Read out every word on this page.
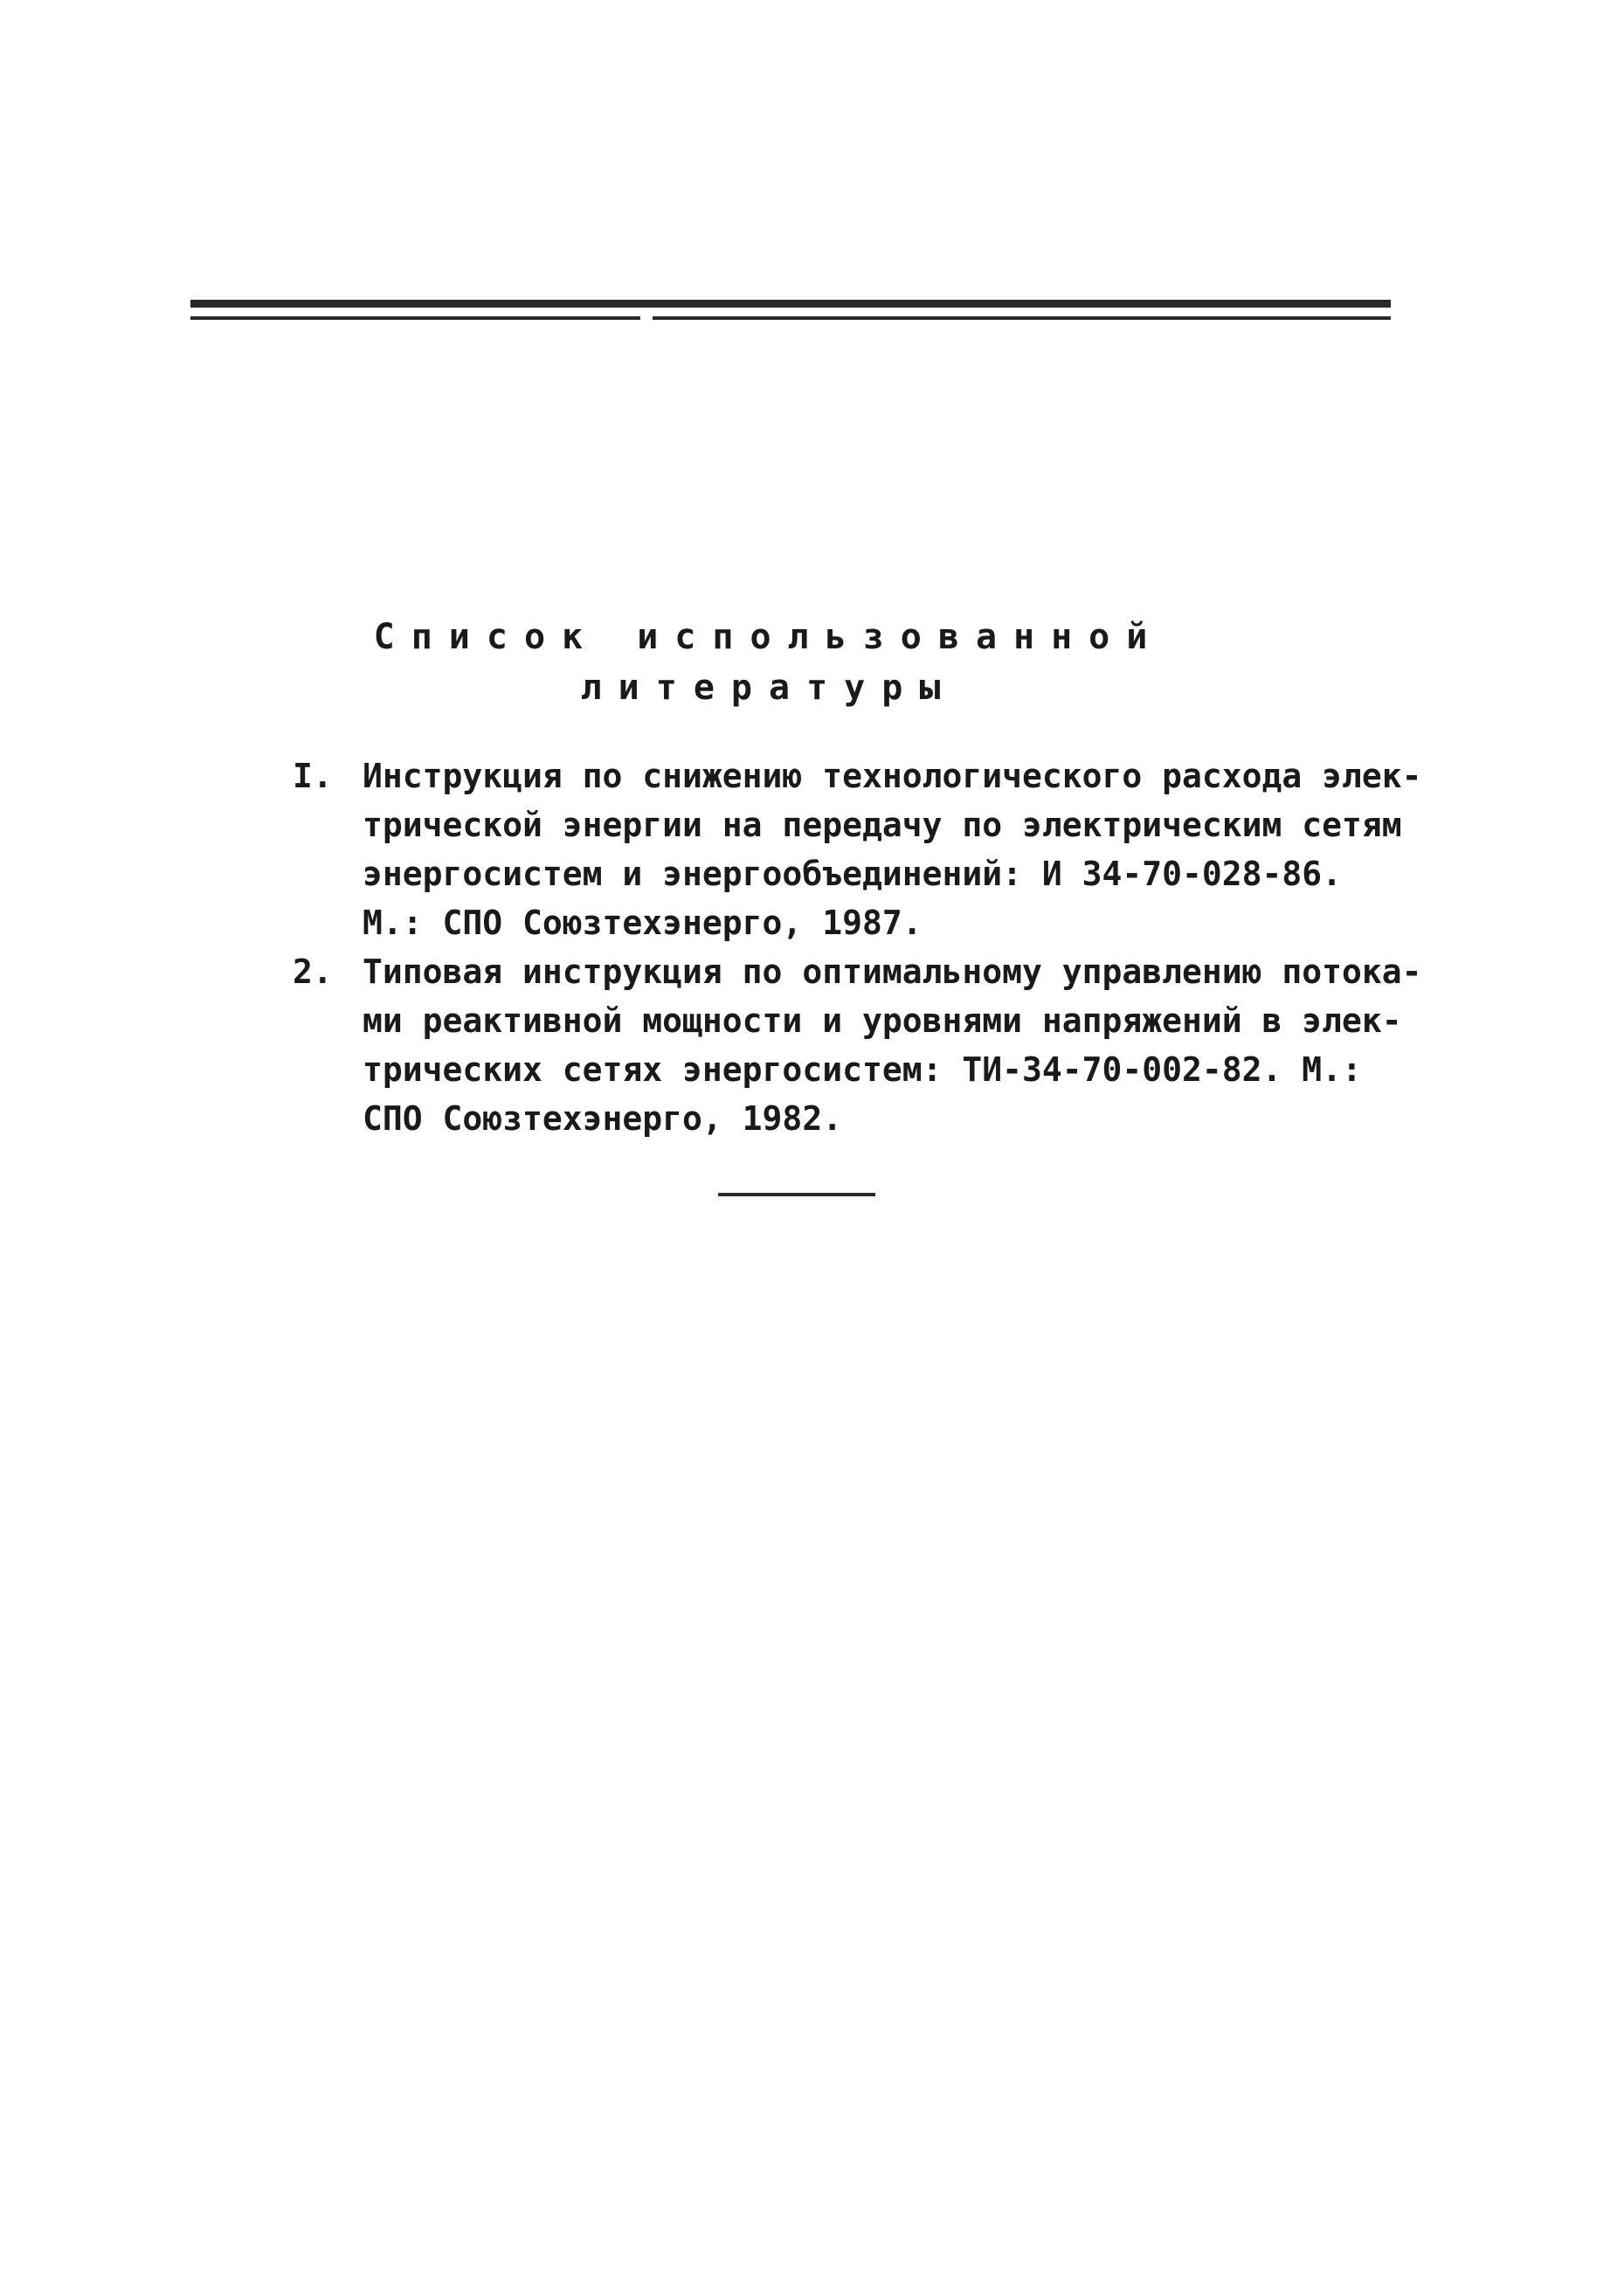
Список использованной
литературы
I. Инструкция по снижению технологического расхода элек-
трической энергии на передачу по электрическим сетям
энергосистем и энергообъединений: И 34-70-028-86.
М.: СПО Союзтехэнерго, 1987.
2. Типовая инструкция по оптимальному управлению потока-
ми реактивной мощности и уровнями напряжений в элек-
трических сетях энергосистем: ТИ-34-70-002-82. М.:
СПО Союзтехэнерго, 1982.
